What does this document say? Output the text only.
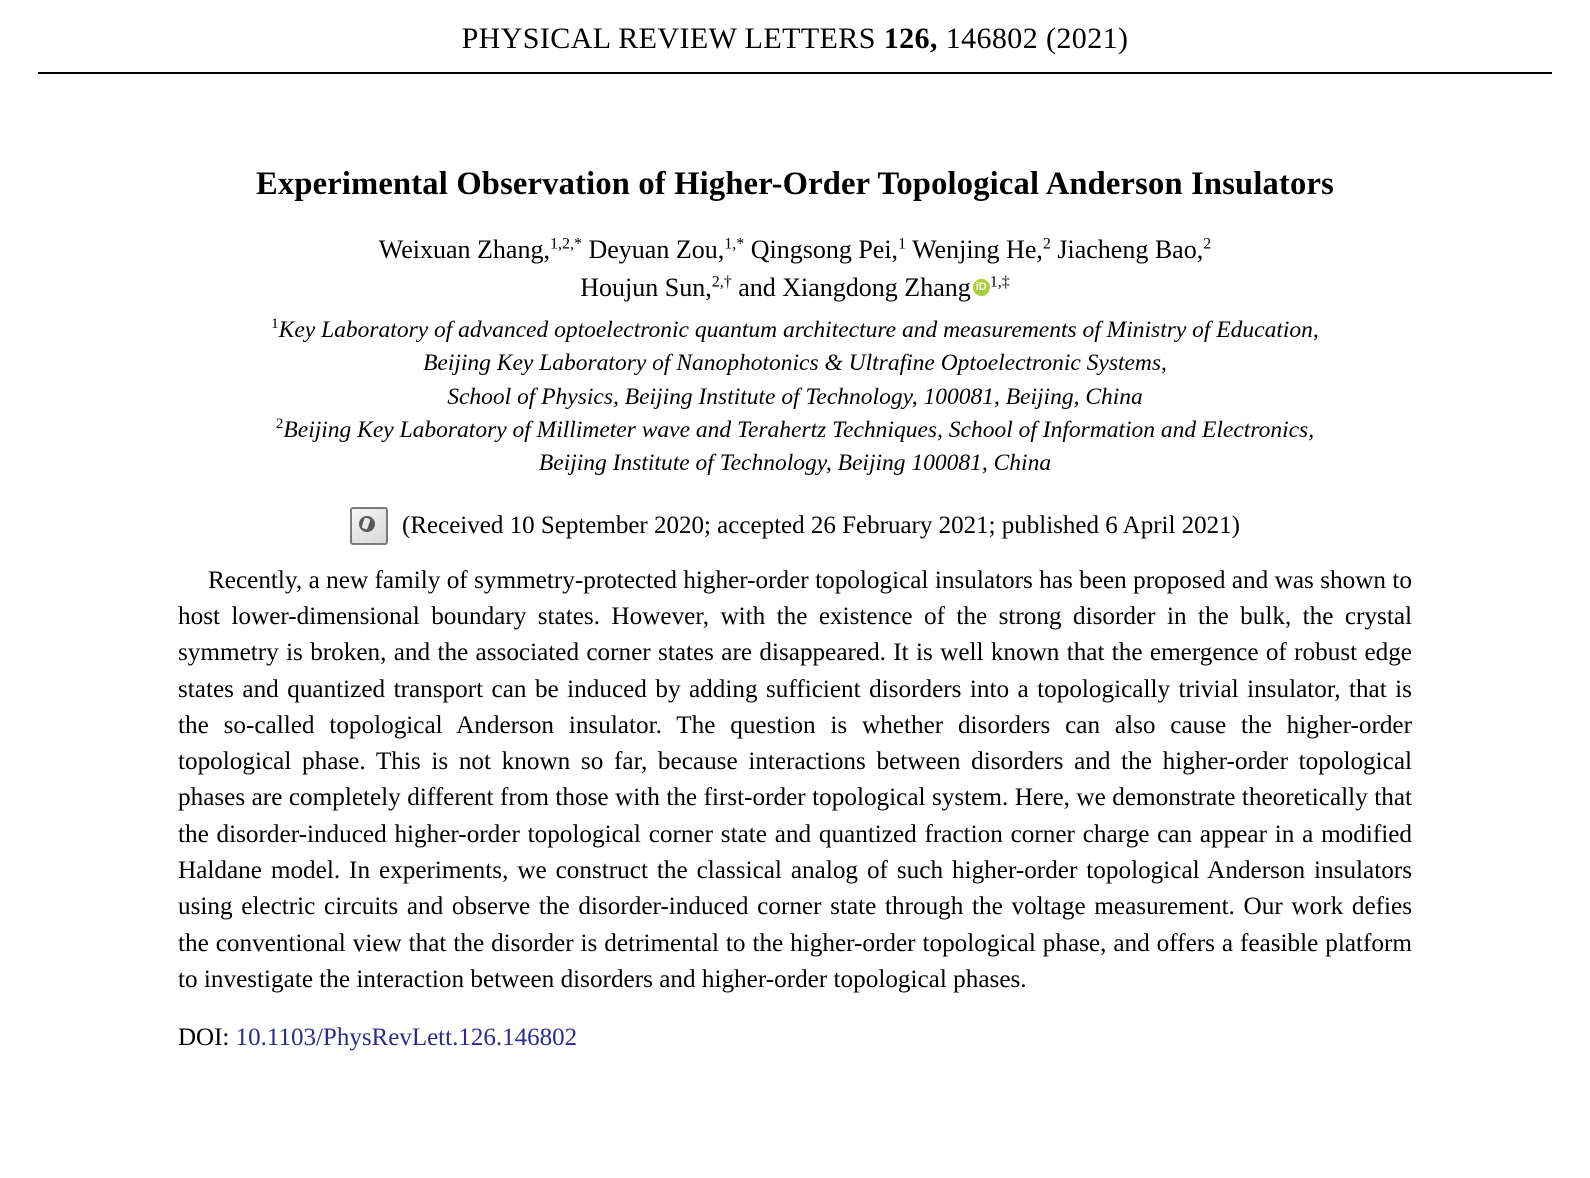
PHYSICAL REVIEW LETTERS 126, 146802 (2021)
Experimental Observation of Higher-Order Topological Anderson Insulators
Weixuan Zhang,$^{1,2,*}$ Deyuan Zou,$^{1,*}$ Qingsong Pei,$^1$ Wenjing He,$^2$ Jiacheng Bao,$^2$
Houjun Sun,$^{2,\dagger}$ and Xiangdong Zhang iD $^{1,\ddagger}$
$^1$Key Laboratory of advanced optoelectronic quantum architecture and measurements of Ministry of Education,
Beijing Key Laboratory of Nanophotonics & Ultrafine Optoelectronic Systems,
School of Physics, Beijing Institute of Technology, 100081, Beijing, China
$^2$Beijing Key Laboratory of Millimeter wave and Terahertz Techniques, School of Information and Electronics,
Beijing Institute of Technology, Beijing 100081, China
(Received 10 September 2020; accepted 26 February 2021; published 6 April 2021)
Recently, a new family of symmetry-protected higher-order topological insulators has been proposed and was shown to host lower-dimensional boundary states. However, with the existence of the strong disorder in the bulk, the crystal symmetry is broken, and the associated corner states are disappeared. It is well known that the emergence of robust edge states and quantized transport can be induced by adding sufficient disorders into a topologically trivial insulator, that is the so-called topological Anderson insulator. The question is whether disorders can also cause the higher-order topological phase. This is not known so far, because interactions between disorders and the higher-order topological phases are completely different from those with the first-order topological system. Here, we demonstrate theoretically that the disorder-induced higher-order topological corner state and quantized fraction corner charge can appear in a modified Haldane model. In experiments, we construct the classical analog of such higher-order topological Anderson insulators using electric circuits and observe the disorder-induced corner state through the voltage measurement. Our work defies the conventional view that the disorder is detrimental to the higher-order topological phase, and offers a feasible platform to investigate the interaction between disorders and higher-order topological phases.
DOI: 10.1103/PhysRevLett.126.146802
